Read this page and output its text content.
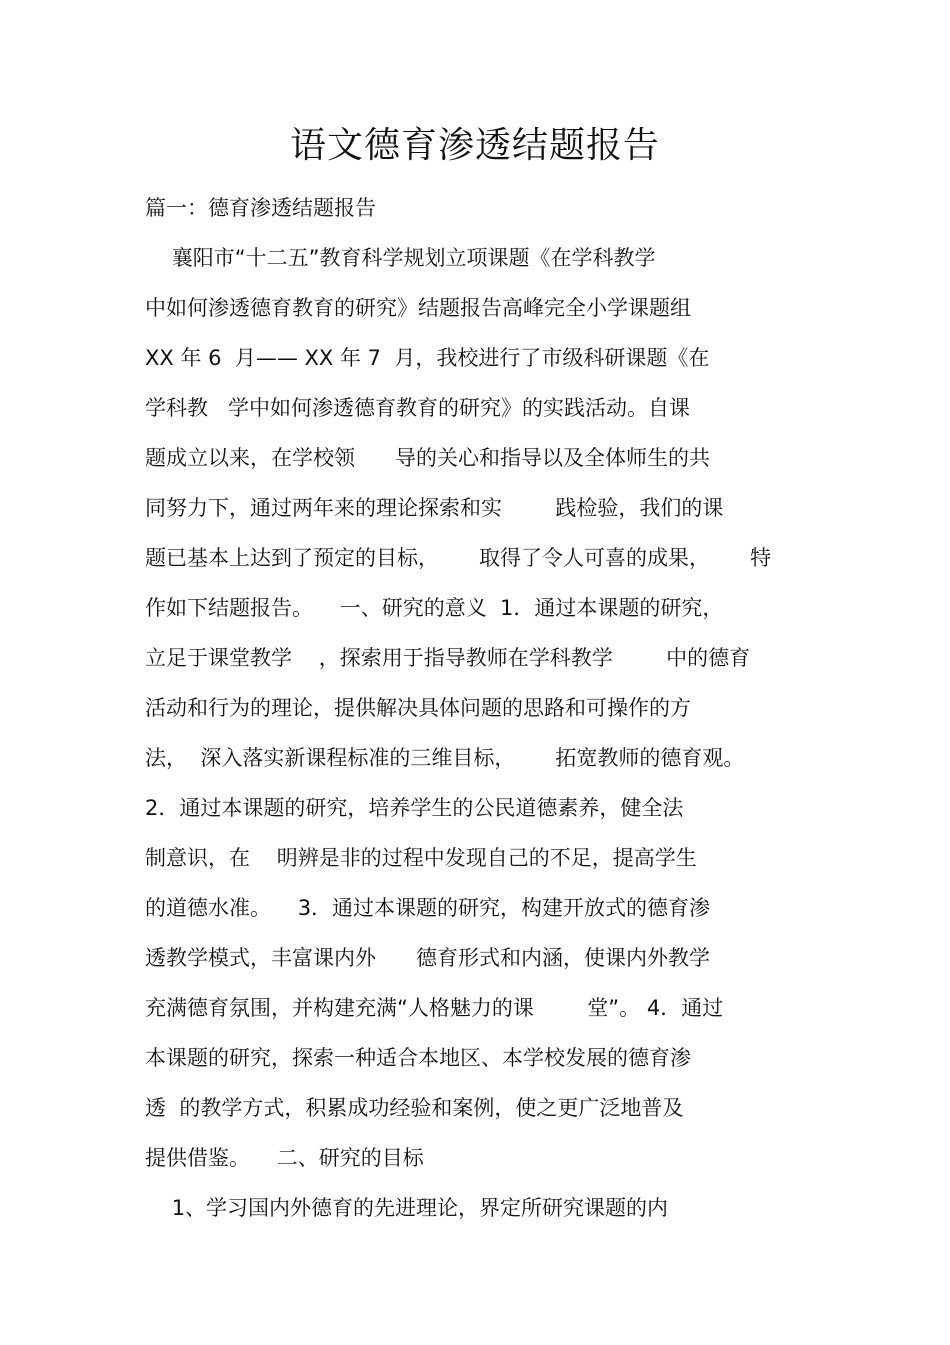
语文德育渗透结题报告
篇一：德育渗透结题报告
襄阳市“十二五”教育科学规划立项课题《在学科教学
中如何渗透德育教育的研究》结题报告高峰完全小学课题组
XX 年 6  月—— XX 年 7  月，我校进行了市级科研课题《在
学科教   学中如何渗透德育教育的研究》的实践活动。自课
题成立以来，在学校领      导的关心和指导以及全体师生的共
同努力下，通过两年来的理论探索和实        践检验，我们的课
题已基本上达到了预定的目标，      取得了令人可喜的成果，      特
作如下结题报告。    一、研究的意义  1．通过本课题的研究，
立足于课堂教学    ，探索用于指导教师在学科教学        中的德育
活动和行为的理论，提供解决具体问题的思路和可操作的方
法，  深入落实新课程标准的三维目标，      拓宽教师的德育观。
2．通过本课题的研究，培养学生的公民道德素养，健全法
制意识，在    明辨是非的过程中发现自己的不足，提高学生
的道德水准。    3．通过本课题的研究，构建开放式的德育渗
透教学模式，丰富课内外      德育形式和内涵，使课内外教学
充满德育氛围，并构建充满“人格魅力的课        堂”。 4．通过
本课题的研究，探索一种适合本地区、本学校发展的德育渗
透  的教学方式，积累成功经验和案例，使之更广泛地普及
提供借鉴。    二、研究的目标
1、学习国内外德育的先进理论，界定所研究课题的内
